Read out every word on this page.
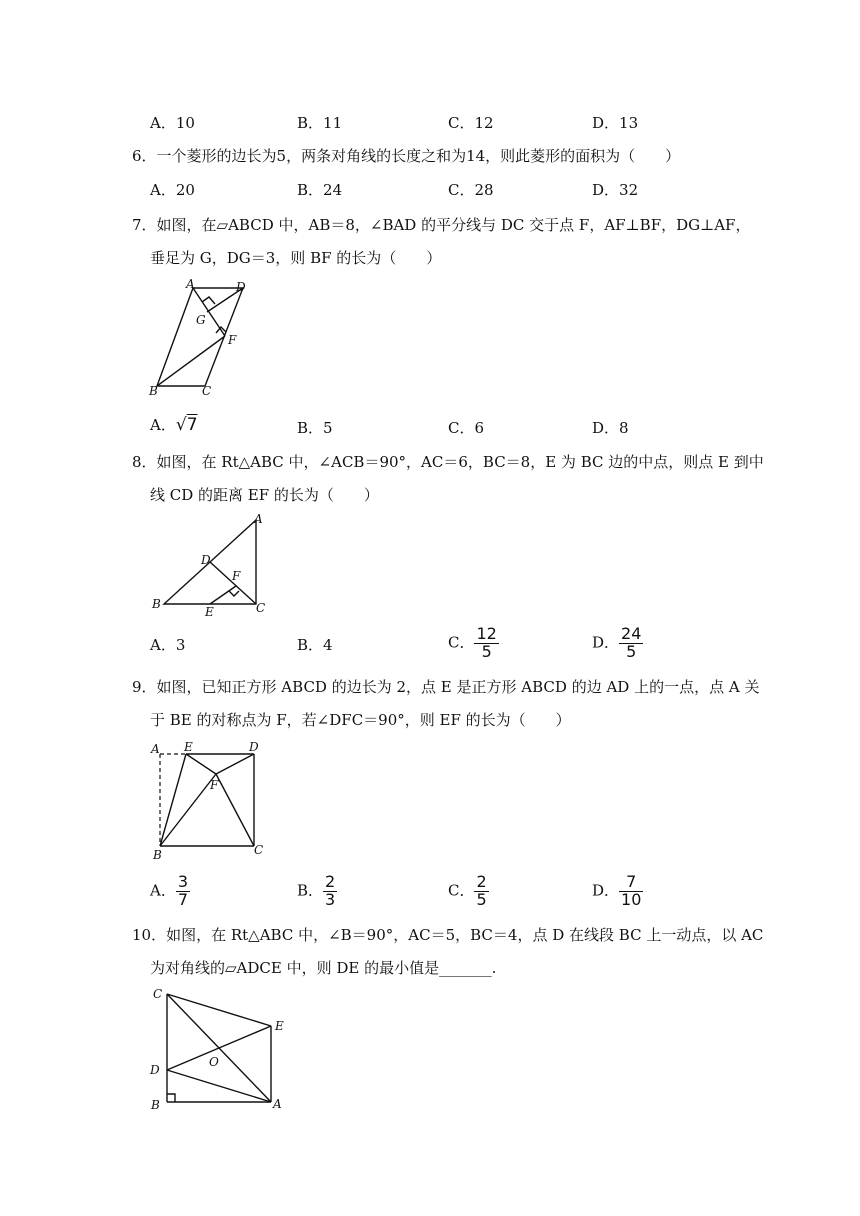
A．10	B．11	C．12	D．13
6．一个菱形的边长为5，两条对角线的长度之和为14，则此菱形的面积为（　　）
A．20	B．24	C．28	D．32
7．如图，在▱ABCD 中，AB＝8，∠BAD 的平分线与 DC 交于点 F，AF⊥BF，DG⊥AF，
垂足为 G，DG＝3，则 BF 的长为（　　）
A	D
G
F
B	C
A．√7	B．5	C．6	D．8
8．如图，在 Rt△ABC 中，∠ACB＝90°，AC＝6，BC＝8，E 为 BC 边的中点，则点 E 到中
线 CD 的距离 EF 的长为（　　）
A
D
F
B
E	C
A．3	B．4	C． $\frac{12}{5}$	D． $\frac{24}{5}$
9．如图，已知正方形 ABCD 的边长为 2，点 E 是正方形 ABCD 的边 AD 上的一点，点 A 关
于 BE 的对称点为 F，若∠DFC＝90°，则 EF 的长为（　　）
A E	D
F
B	C
A． $\frac{3}{7}$	B． $\frac{2}{3}$	C． $\frac{2}{5}$	D． $\frac{7}{10}$
10．如图，在 Rt△ABC 中，∠B＝90°，AC＝5，BC＝4，点 D 在线段 BC 上一动点，以 AC
为对角线的▱ADCE 中，则 DE 的最小值是_______.
C
E
D
O
B	A
